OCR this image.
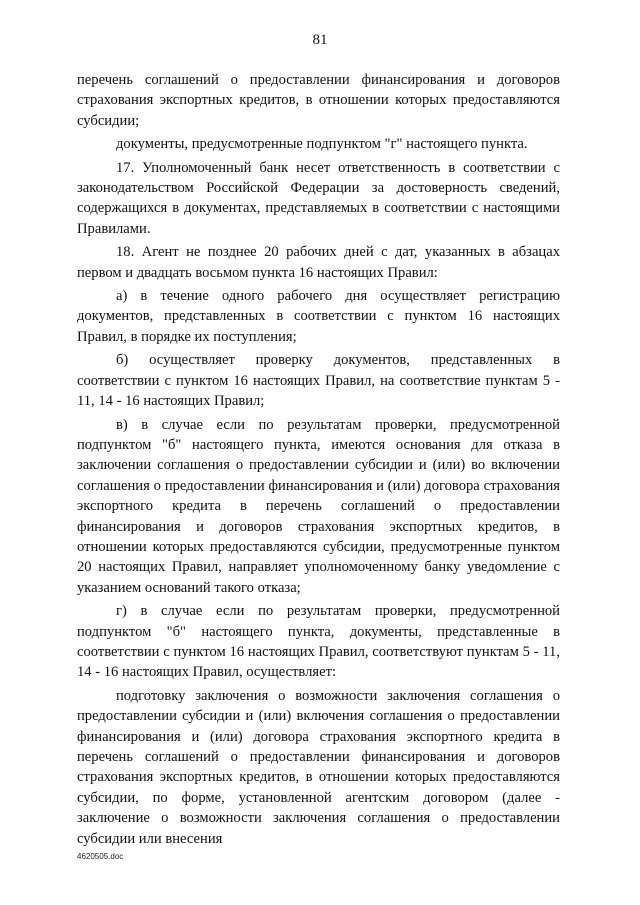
81

перечень соглашений о предоставлении финансирования и договоров страхования экспортных кредитов, в отношении которых предоставляются субсидии;

документы, предусмотренные подпунктом "г" настоящего пункта.

17. Уполномоченный банк несет ответственность в соответствии с законодательством Российской Федерации за достоверность сведений, содержащихся в документах, представляемых в соответствии с настоящими Правилами.

18. Агент не позднее 20 рабочих дней с дат, указанных в абзацах первом и двадцать восьмом пункта 16 настоящих Правил:

а) в течение одного рабочего дня осуществляет регистрацию документов, представленных в соответствии с пунктом 16 настоящих Правил, в порядке их поступления;

б) осуществляет проверку документов, представленных в соответствии с пунктом 16 настоящих Правил, на соответствие пунктам 5 - 11, 14 - 16 настоящих Правил;

в) в случае если по результатам проверки, предусмотренной подпунктом "б" настоящего пункта, имеются основания для отказа в заключении соглашения о предоставлении субсидии и (или) во включении соглашения о предоставлении финансирования и (или) договора страхования экспортного кредита в перечень соглашений о предоставлении финансирования и договоров страхования экспортных кредитов, в отношении которых предоставляются субсидии, предусмотренные пунктом 20 настоящих Правил, направляет уполномоченному банку уведомление с указанием оснований такого отказа;

г) в случае если по результатам проверки, предусмотренной подпунктом "б" настоящего пункта, документы, представленные в соответствии с пунктом 16 настоящих Правил, соответствуют пунктам 5 - 11, 14 - 16 настоящих Правил, осуществляет:

подготовку заключения о возможности заключения соглашения о предоставлении субсидии и (или) включения соглашения о предоставлении финансирования и (или) договора страхования экспортного кредита в перечень соглашений о предоставлении финансирования и договоров страхования экспортных кредитов, в отношении которых предоставляются субсидии, по форме, установленной агентским договором (далее - заключение о возможности заключения соглашения о предоставлении субсидии или внесения

4620505.doc
